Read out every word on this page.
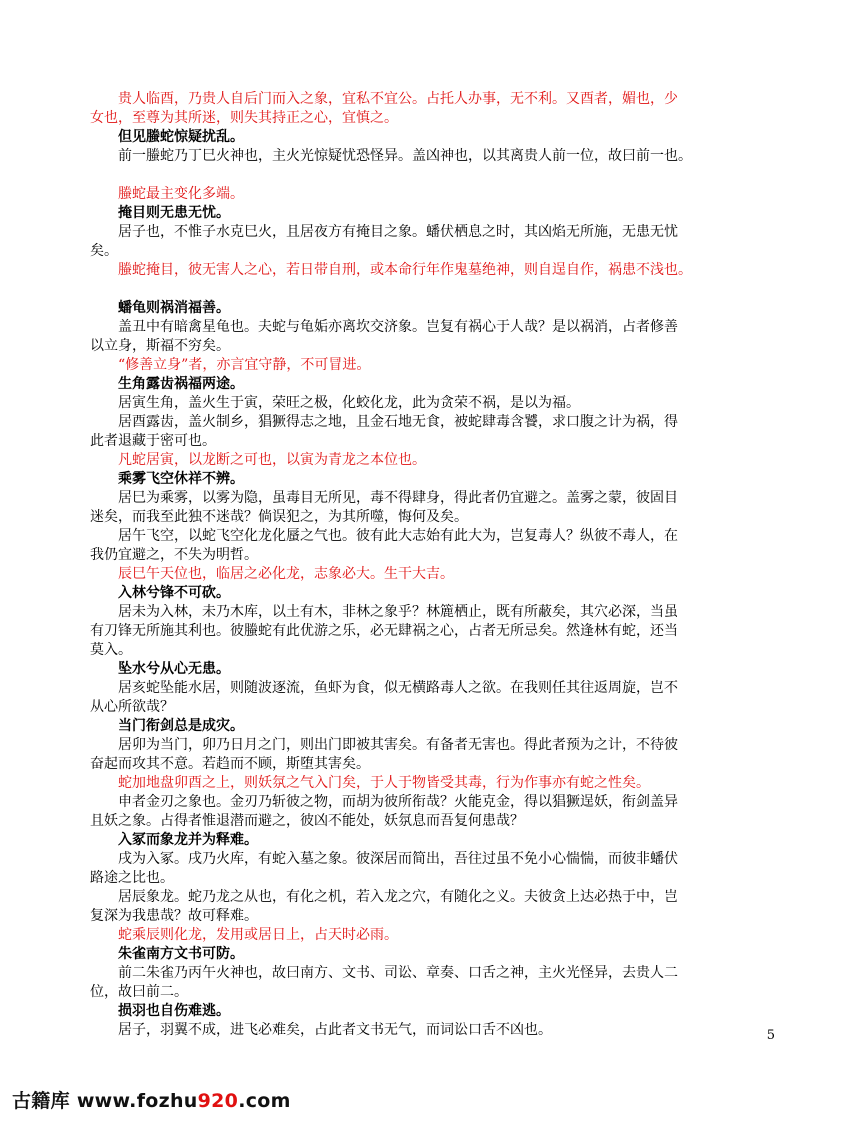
贵人临酉，乃贵人自后门而入之象，宜私不宜公。占托人办事，无不利。又酉者，媚也，少
女也，至尊为其所迷，则失其持正之心，宜慎之。
但见螣蛇惊疑扰乱。
前一螣蛇乃丁巳火神也，主火光惊疑忧恐怪异。盖凶神也，以其离贵人前一位，故曰前一也。
螣蛇最主变化多端。
掩目则无患无忧。
居子也，不惟子水克巳火，且居夜方有掩目之象。蟠伏栖息之时，其凶焰无所施，无患无忧
矣。
螣蛇掩目，彼无害人之心，若日带自刑，或本命行年作鬼墓绝神，则自逞自作，祸患不浅也。
蟠龟则祸消福善。
盖丑中有暗禽星龟也。夫蛇与龟姤亦离坎交济象。岂复有祸心于人哉？是以祸消，占者修善
以立身，斯福不穷矣。
“修善立身”者，亦言宜守静，不可冒进。
生角露齿祸福两途。
居寅生角，盖火生于寅，荣旺之极，化蛟化龙，此为贪荣不祸，是以为福。
居酉露齿，盖火制乡，猖獗得志之地，且金石地无食，被蛇肆毒含饕，求口腹之计为祸，得
此者退藏于密可也。
凡蛇居寅，以龙断之可也，以寅为青龙之本位也。
乘雾飞空休祥不辨。
居巳为乘雾，以雾为隐，虽毒目无所见，毒不得肆身，得此者仍宜避之。盖雾之蒙，彼固目
迷矣，而我至此独不迷哉？倘误犯之，为其所噬，悔何及矣。
居午飞空，以蛇飞空化龙化蜃之气也。彼有此大志始有此大为，岂复毒人？纵彼不毒人，在
我仍宜避之，不失为明哲。
辰巳午天位也，临居之必化龙，志象必大。生干大吉。
入林兮锋不可砍。
居未为入林，未乃木库，以土有木，非林之象乎？林簏栖止，既有所蔽矣，其穴必深，当虽
有刀锋无所施其利也。彼螣蛇有此优游之乐，必无肆祸之心，占者无所忌矣。然逢林有蛇，还当
莫入。
坠水兮从心无患。
居亥蛇坠能水居，则随波逐流，鱼虾为食，似无横路毒人之欲。在我则任其往返周旋，岂不
从心所欲哉？
当门衔剑总是成灾。
居卯为当门，卯乃日月之门，则出门即被其害矣。有备者无害也。得此者预为之计，不待彼
奋起而攻其不意。若趋而不顾，斯堕其害矣。
蛇加地盘卯酉之上，则妖氛之气入门矣，于人于物皆受其毒，行为作事亦有蛇之性矣。
申者金刃之象也。金刃乃斩彼之物，而胡为彼所衔哉？火能克金，得以猖獗逞妖，衔剑盖异
且妖之象。占得者惟退潜而避之，彼凶不能处，妖氛息而吾复何患哉？
入冢而象龙并为释难。
戌为入冢。戌乃火库，有蛇入墓之象。彼深居而简出，吾往过虽不免小心惴惴，而彼非蟠伏
路途之比也。
居辰象龙。蛇乃龙之从也，有化之机，若入龙之穴，有随化之义。夫彼贪上达必热于中，岂
复深为我患哉？故可释难。
蛇乘辰则化龙，发用或居日上，占天时必雨。
朱雀南方文书可防。
前二朱雀乃丙午火神也，故曰南方、文书、司讼、章奏、口舌之神，主火光怪异，去贵人二
位，故曰前二。
损羽也自伤难逃。
居子，羽翼不成，进飞必难矣，占此者文书无气，而词讼口舌不凶也。	5
古籍库 www.fozhu920.com
